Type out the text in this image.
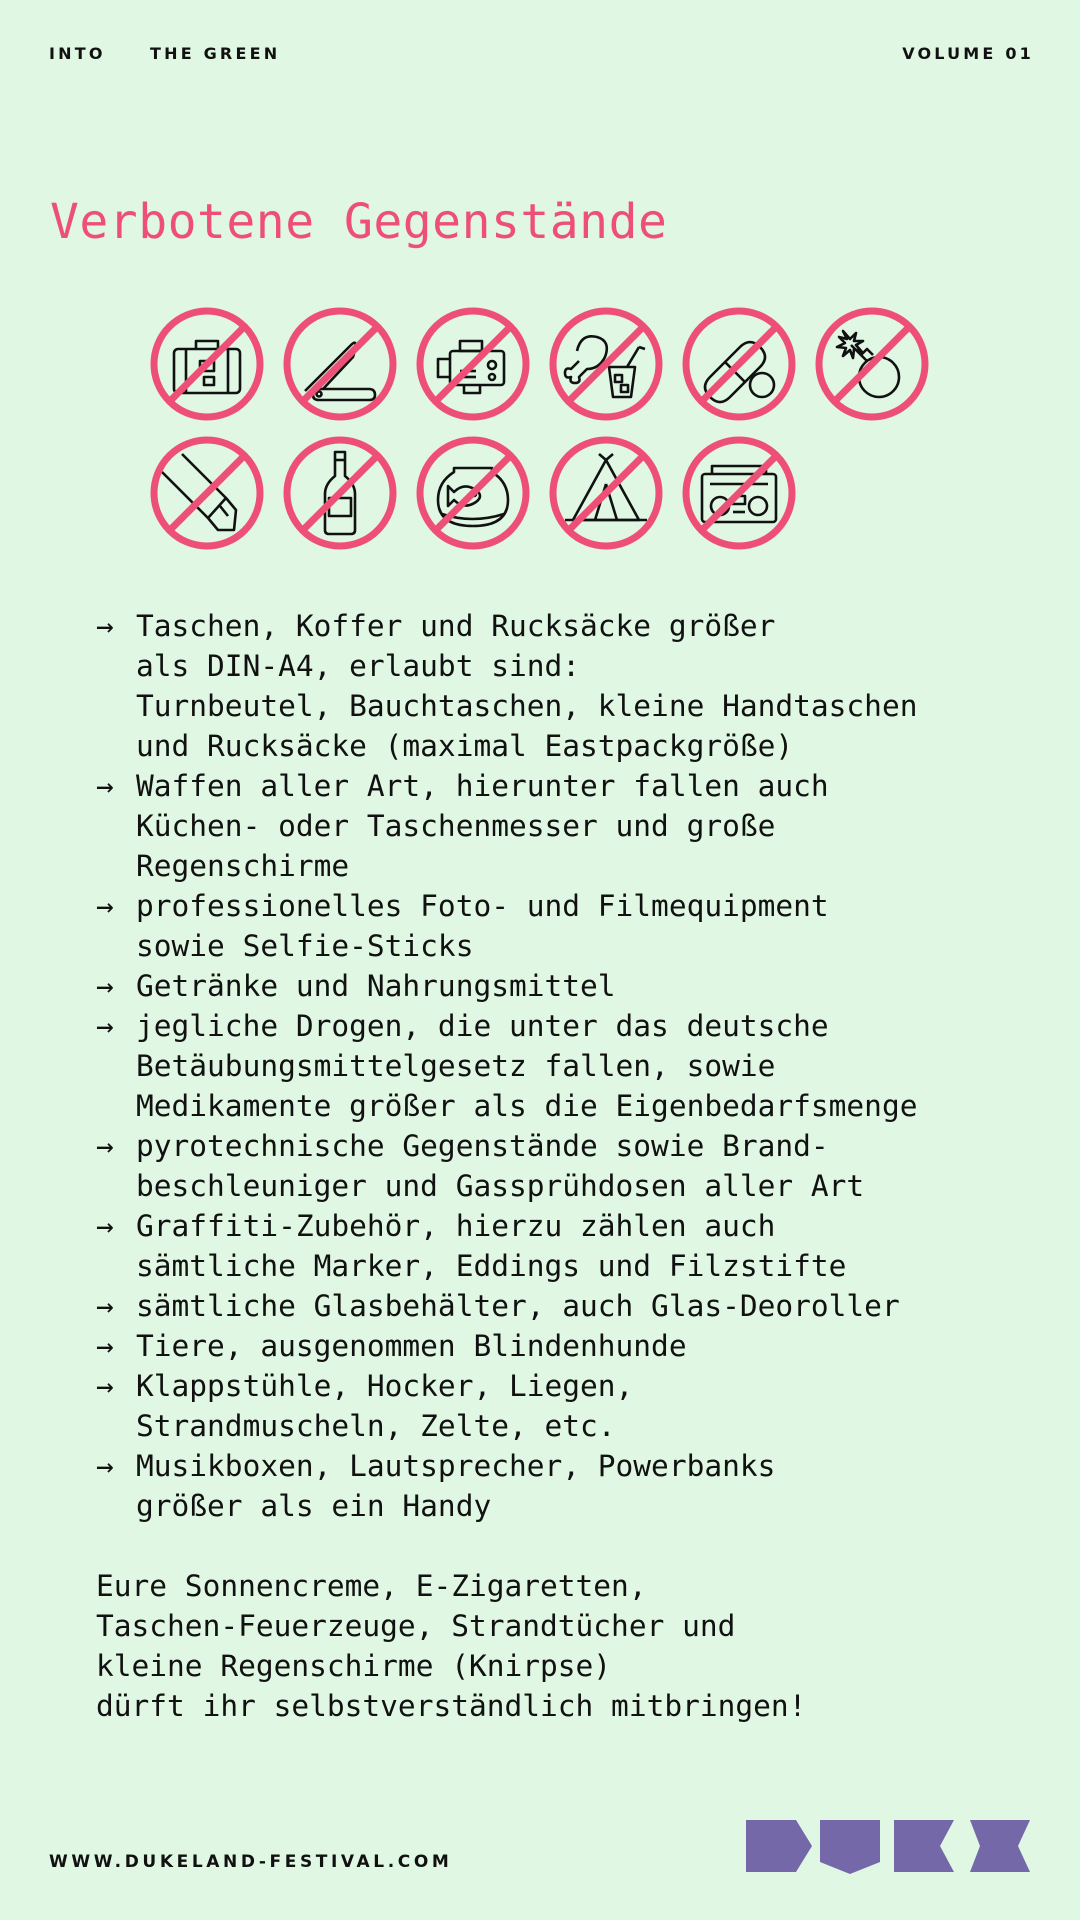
INTO	THE GREEN	VOLUME 01
Verbotene Gegenstände
→ Taschen, Koffer und Rucksäcke größer
als DIN-A4, erlaubt sind:
Turnbeutel, Bauchtaschen, kleine Handtaschen
und Rucksäcke (maximal Eastpackgröße)
→ Waffen aller Art, hierunter fallen auch
Küchen- oder Taschenmesser und große
Regenschirme
→ professionelles Foto- und Filmequipment
sowie Selfie-Sticks
→ Getränke und Nahrungsmittel
→ jegliche Drogen, die unter das deutsche
Betäubungsmittelgesetz fallen, sowie
Medikamente größer als die Eigenbedarfsmenge
→ pyrotechnische Gegenstände sowie Brand-
beschleuniger und Gassprühdosen aller Art
→ Graffiti-Zubehör, hierzu zählen auch
sämtliche Marker, Eddings und Filzstifte
→ sämtliche Glasbehälter, auch Glas-Deoroller
→ Tiere, ausgenommen Blindenhunde
→ Klappstühle, Hocker, Liegen,
Strandmuscheln, Zelte, etc.
→ Musikboxen, Lautsprecher, Powerbanks
größer als ein Handy

Eure Sonnencreme, E-Zigaretten,
Taschen-Feuerzeuge, Strandtücher und
kleine Regenschirme (Knirpse)
dürft ihr selbstverständlich mitbringen!

WWW.DUKELAND-FESTIVAL.COM
